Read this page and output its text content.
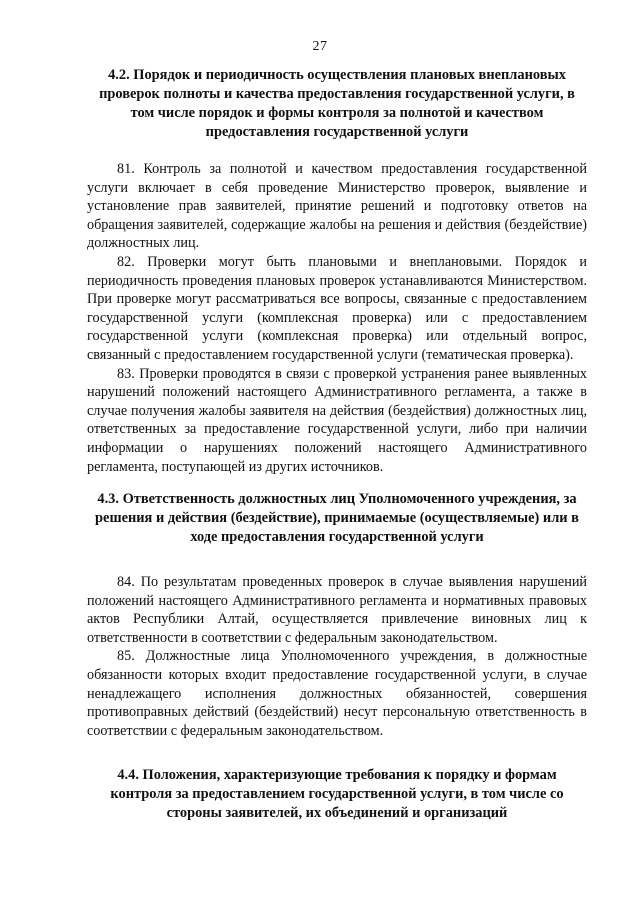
27
4.2. Порядок и периодичность осуществления плановых внеплановых проверок полноты и качества предоставления государственной услуги, в том числе порядок и формы контроля за полнотой и качеством предоставления государственной услуги

81. Контроль за полнотой и качеством предоставления государственной услуги включает в себя проведение Министерство проверок, выявление и установление прав заявителей, принятие решений и подготовку ответов на обращения заявителей, содержащие жалобы на решения и действия (бездействие) должностных лиц.

82. Проверки могут быть плановыми и внеплановыми. Порядок и периодичность проведения плановых проверок устанавливаются Министерством. При проверке могут рассматриваться все вопросы, связанные с предоставлением государственной услуги (комплексная проверка) или с предоставлением государственной услуги (комплексная проверка) или отдельный вопрос, связанный с предоставлением государственной услуги (тематическая проверка).

83. Проверки проводятся в связи с проверкой устранения ранее выявленных нарушений положений настоящего Административного регламента, а также в случае получения жалобы заявителя на действия (бездействия) должностных лиц, ответственных за предоставление государственной услуги, либо при наличии информации о нарушениях положений настоящего Административного регламента, поступающей из других источников.

4.3. Ответственность должностных лиц Уполномоченного учреждения, за решения и действия (бездействие), принимаемые (осуществляемые) или в ходе предоставления государственной услуги

84. По результатам проведенных проверок в случае выявления нарушений положений настоящего Административного регламента и нормативных правовых актов Республики Алтай, осуществляется привлечение виновных лиц к ответственности в соответствии с федеральным законодательством.

85. Должностные лица Уполномоченного учреждения, в должностные обязанности которых входит предоставление государственной услуги, в случае ненадлежащего исполнения должностных обязанностей, совершения противоправных действий (бездействий) несут персональную ответственность в соответствии с федеральным законодательством.

4.4. Положения, характеризующие требования к порядку и формам контроля за предоставлением государственной услуги, в том числе со стороны заявителей, их объединений и организаций
